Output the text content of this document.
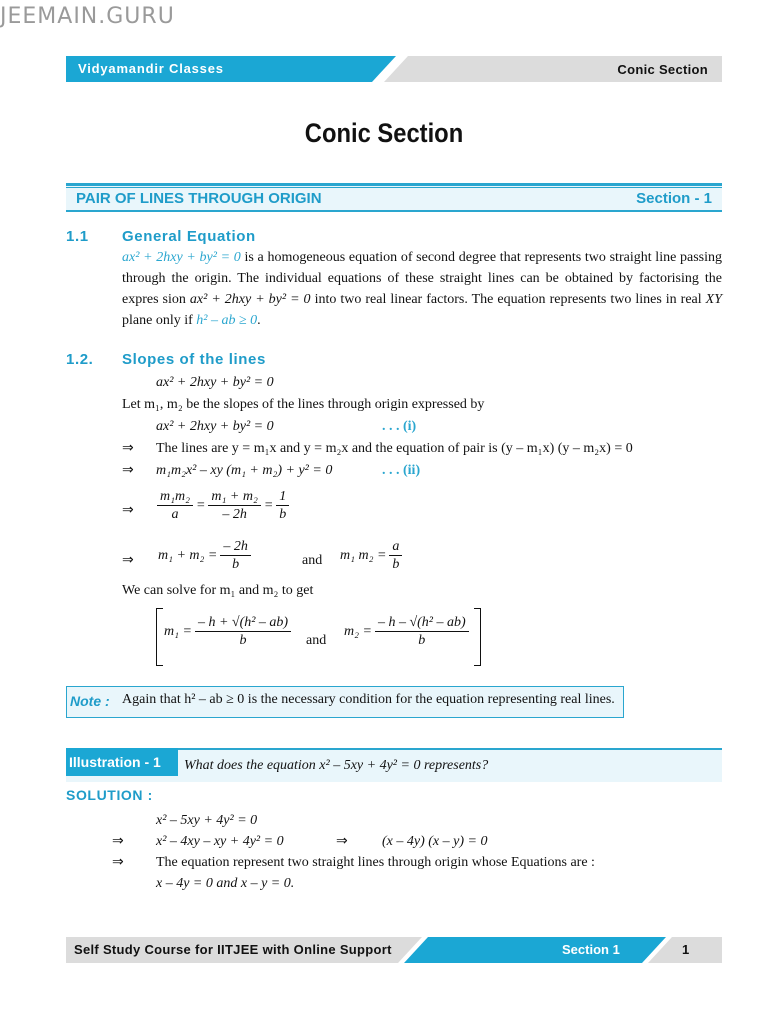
JEEMAIN.GURU
Vidyamandir Classes	Conic Section
Conic Section
PAIR OF LINES THROUGH ORIGIN	Section - 1
1.1 General Equation
ax² + 2hxy + by² = 0 is a homogeneous equation of second degree that represents two straight line passing through the origin. The individual equations of these straight lines can be obtained by factorising the expres sion ax² + 2hxy + by² = 0 into two real linear factors. The equation represents two lines in real XY plane only if h² – ab ≥ 0.
1.2. Slopes of the lines
ax² + 2hxy + by² = 0
Let m₁, m₂ be the slopes of the lines through origin expressed by
ax² + 2hxy + by² = 0	. . . (i)
⇒ The lines are y = m₁x and y = m₂x and the equation of pair is (y – m₁x) (y – m₂x) = 0
⇒ m₁m₂x² – xy (m₁ + m₂) + y² = 0	. . . (ii)
⇒ $\frac{\text{m₁m₂}}{a} = \frac{\text{m₁ + m₂}}{- 2h} = \frac{1}{b}$
⇒ $m_1 + m_2 = \frac{- 2h}{b}$	and m₁ $m_2 = \frac{a}{b}$
We can solve for m₁ and m₂ to get
$m_1 = \frac{\text{– h + √(h² – ab)}}{b}$ and
$m_2 = \frac{\text{– h – √(h² – ab)}}{b}$
Note : Again that h² – ab ≥ 0 is the necessary condition for the equation representing real lines.
Illustration - 1 What does the equation x² – 5xy + 4y² = 0 represents?
SOLUTION :
x² – 5xy + 4y² = 0
⇒ x² – 4xy – xy + 4y² = 0	⇒ (x – 4y) (x – y) = 0
⇒ The equation represent two straight lines through origin whose Equations are :
x – 4y = 0 and x – y = 0.
Self Study Course for IITJEE with Online Support	Section 1	1
